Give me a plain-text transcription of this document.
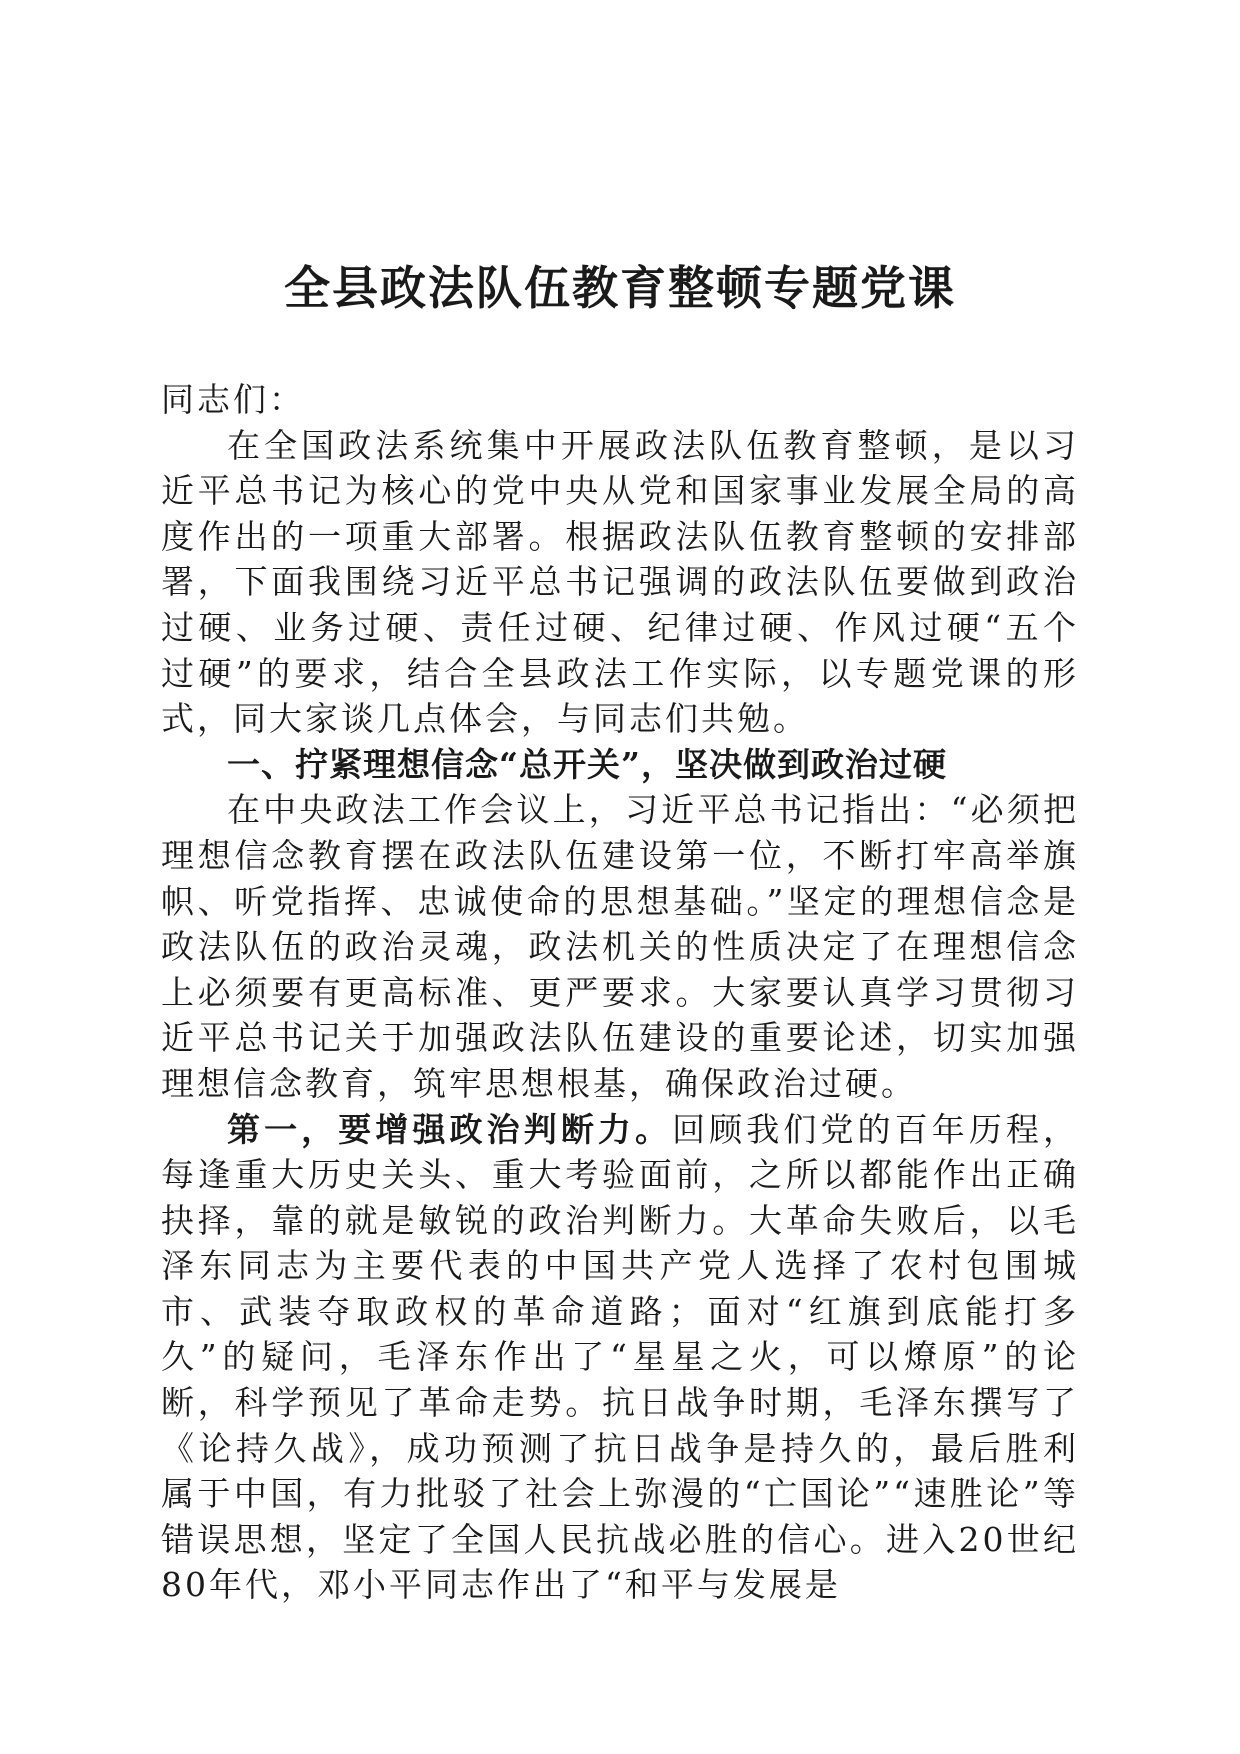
全县政法队伍教育整顿专题党课

同志们：

在全国政法系统集中开展政法队伍教育整顿，是以习近平总书记为核心的党中央从党和国家事业发展全局的高度作出的一项重大部署。根据政法队伍教育整顿的安排部署，下面我围绕习近平总书记强调的政法队伍要做到政治过硬、业务过硬、责任过硬、纪律过硬、作风过硬“五个过硬”的要求，结合全县政法工作实际，以专题党课的形式，同大家谈几点体会，与同志们共勉。

一、拧紧理想信念“总开关”，坚决做到政治过硬

在中央政法工作会议上，习近平总书记指出：“必须把理想信念教育摆在政法队伍建设第一位，不断打牢高举旗帜、听党指挥、忠诚使命的思想基础。”坚定的理想信念是政法队伍的政治灵魂，政法机关的性质决定了在理想信念上必须要有更高标准、更严要求。大家要认真学习贯彻习近平总书记关于加强政法队伍建设的重要论述，切实加强理想信念教育，筑牢思想根基，确保政治过硬。

第一，要增强政治判断力。回顾我们党的百年历程，每逢重大历史关头、重大考验面前，之所以都能作出正确抉择，靠的就是敏锐的政治判断力。大革命失败后，以毛泽东同志为主要代表的中国共产党人选择了农村包围城市、武装夺取政权的革命道路；面对“红旗到底能打多久”的疑问，毛泽东作出了“星星之火，可以燎原”的论断，科学预见了革命走势。抗日战争时期，毛泽东撰写了《论持久战》，成功预测了抗日战争是持久的，最后胜利属于中国，有力批驳了社会上弥漫的“亡国论”“速胜论”等错误思想，坚定了全国人民抗战必胜的信心。进入20世纪80年代，邓小平同志作出了“和平与发展是
